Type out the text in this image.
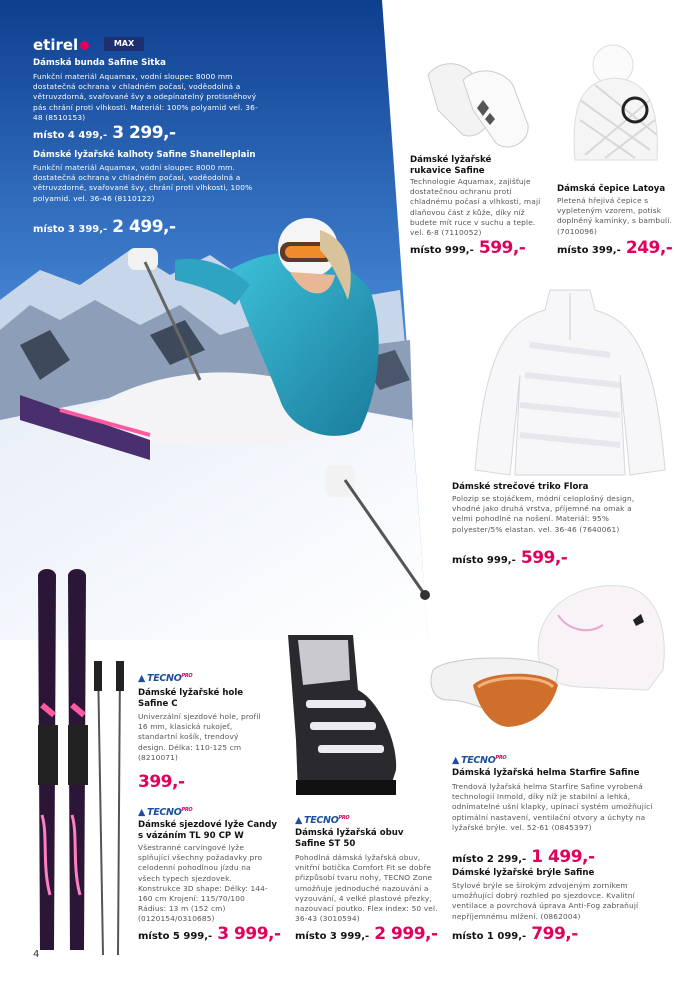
etirel	MAX
Dámská bunda Safine Sitka
Funkční materiál Aquamax, vodní sloupec 8000 mm dostatečná ochrana v chladném počasí, voděodolná a větruvzdorná, svařované švy a odepínatelný protisněhový pás chrání proti vlhkosti. Materiál: 100% polyamid vel. 36-48 (8510153)
místo 4 499,- 3 299,-
Dámské lyžařské kalhoty Safine Shanelleplain
Funkční materiál Aquamax, vodní sloupec 8000 mm. dostatečná ochrana v chladném počasí, voděodolná a větruvzdorné, svařované švy, chrání proti vlhkosti, 100% polyamid. vel. 36-46 (8110122)
místo 3 399,- 2 499,-
Dámské lyžařské rukavice Safine
Technologie Aquamax, zajišťuje dostatečnou ochranu proti chladnému počasí a vlhkosti, mají dlaňovou část z kůže, díky níž budete mít ruce v suchu a teple. vel. 6-8 (7110052)
místo 999,- 599,-
Dámská čepice Latoya
Pletená hřejivá čepice s vypleteným vzorem, potisk doplněný kamínky, s bambulí. (7010096)
místo 399,- 249,-
Dámské strečové triko Flora
Polozip se stojáčkem, módní celoplošný design, vhodné jako druhá vrstva, příjemné na omak a velmi pohodlné na nošení. Materiál: 95% polyester/5% elastan. vel. 36-46 (7640061)
místo 999,- 599,-
▲ $TECNO^{PRO}$
Dámské lyžařské hole Safine C
Univerzální sjezdové hole, profil 16 mm, klasická rukojeť, standartní košík, trendový design. Délka: 110-125 cm (8210071)
399,-
▲ $TECNO^{PRO}$
Dámské sjezdové lyže Candy s vázáním TL 90 CP W
Všestranné carvingové lyže splňující všechny požadavky pro celodenní pohodlnou jízdu na všech typech sjezdovek. Konstrukce 3D shape: Délky: 144-160 cm Krojení: 115/70/100 Rádius: 13 m (152 cm) (0120154/0310685)
místo 5 999,- 3 999,-
▲ $TECNO^{PRO}$
Dámská lyžařská obuv Safine ST 50
Pohodlná dámská lyžařská obuv, vnitřní botička Comfort Fit se dobře přizpůsobí tvaru nohy, TECNO Zone umožňuje jednoduché nazouvání a vyzouvání, 4 velké plastové přezky, nazouvací poutko. Flex index: 50 vel. 36-43 (3010594)
místo 3 999,- 2 999,-
▲ $TECNO^{PRO}$
Dámská lyžařská helma Starfire Safine
Trendová lyžařská helma Starfire Safine vyrobená technologií Inmold, díky níž je stabilní a lehká, odnímatelné ušní klapky, upínací systém umožňující optimální nastavení, ventilační otvory a úchyty na lyžařské brýle. vel. 52-61 (0845397)
místo 2 299,- 1 499,-
Dámské lyžařské brýle Safine
Stylové brýle se širokým zdvojeným zorníkem umožňující dobrý rozhled po sjezdovce. Kvalitní ventilace a povrchová úprava Anti-Fog zabraňují nepříjemnému mlžení. (0862004)
místo 1 099,- 799,-
4
